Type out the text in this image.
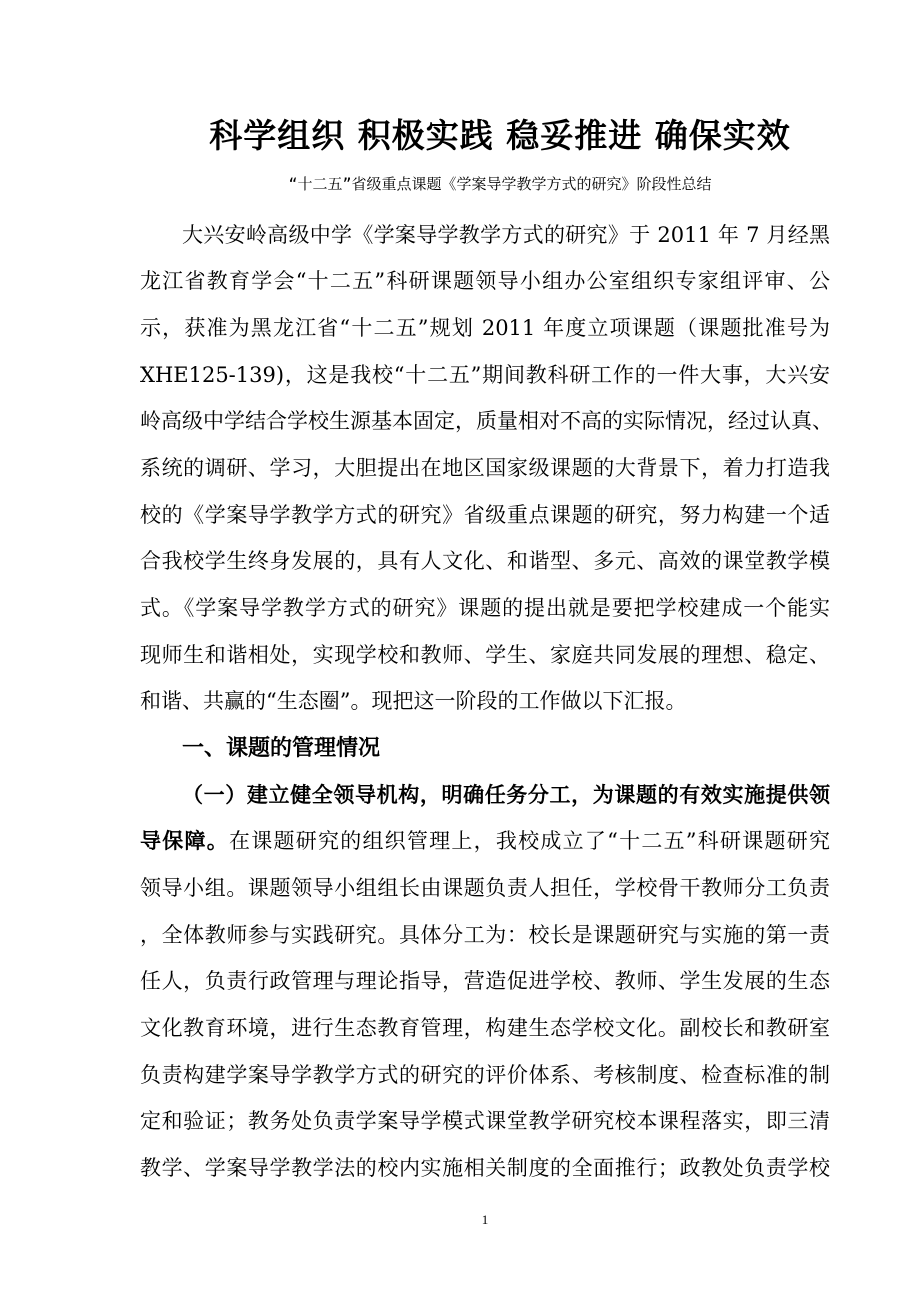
科学组织 积极实践 稳妥推进 确保实效
“十二五”省级重点课题《学案导学教学方式的研究》阶段性总结
大兴安岭高级中学《学案导学教学方式的研究》于 2011 年 7 月经黑
龙江省教育学会“十二五”科研课题领导小组办公室组织专家组评审、公
示，获准为黑龙江省“十二五”规划 2011 年度立项课题（课题批准号为
XHE125-139)，这是我校“十二五”期间教科研工作的一件大事，大兴安
岭高级中学结合学校生源基本固定，质量相对不高的实际情况，经过认真、
系统的调研、学习，大胆提出在地区国家级课题的大背景下，着力打造我
校的《学案导学教学方式的研究》省级重点课题的研究，努力构建一个适
合我校学生终身发展的，具有人文化、和谐型、多元、高效的课堂教学模
式。《学案导学教学方式的研究》课题的提出就是要把学校建成一个能实
现师生和谐相处，实现学校和教师、学生、家庭共同发展的理想、稳定、
和谐、共赢的“生态圈”。现把这一阶段的工作做以下汇报。
一、课题的管理情况
（一）建立健全领导机构，明确任务分工，为课题的有效实施提供领
导保障。在课题研究的组织管理上，我校成立了“十二五”科研课题研究
领导小组。课题领导小组组长由课题负责人担任，学校骨干教师分工负责
，全体教师参与实践研究。具体分工为：校长是课题研究与实施的第一责
任人，负责行政管理与理论指导，营造促进学校、教师、学生发展的生态
文化教育环境，进行生态教育管理，构建生态学校文化。副校长和教研室
负责构建学案导学教学方式的研究的评价体系、考核制度、检查标准的制
定和验证；教务处负责学案导学模式课堂教学研究校本课程落实，即三清
教学、学案导学教学法的校内实施相关制度的全面推行；政教处负责学校
1
